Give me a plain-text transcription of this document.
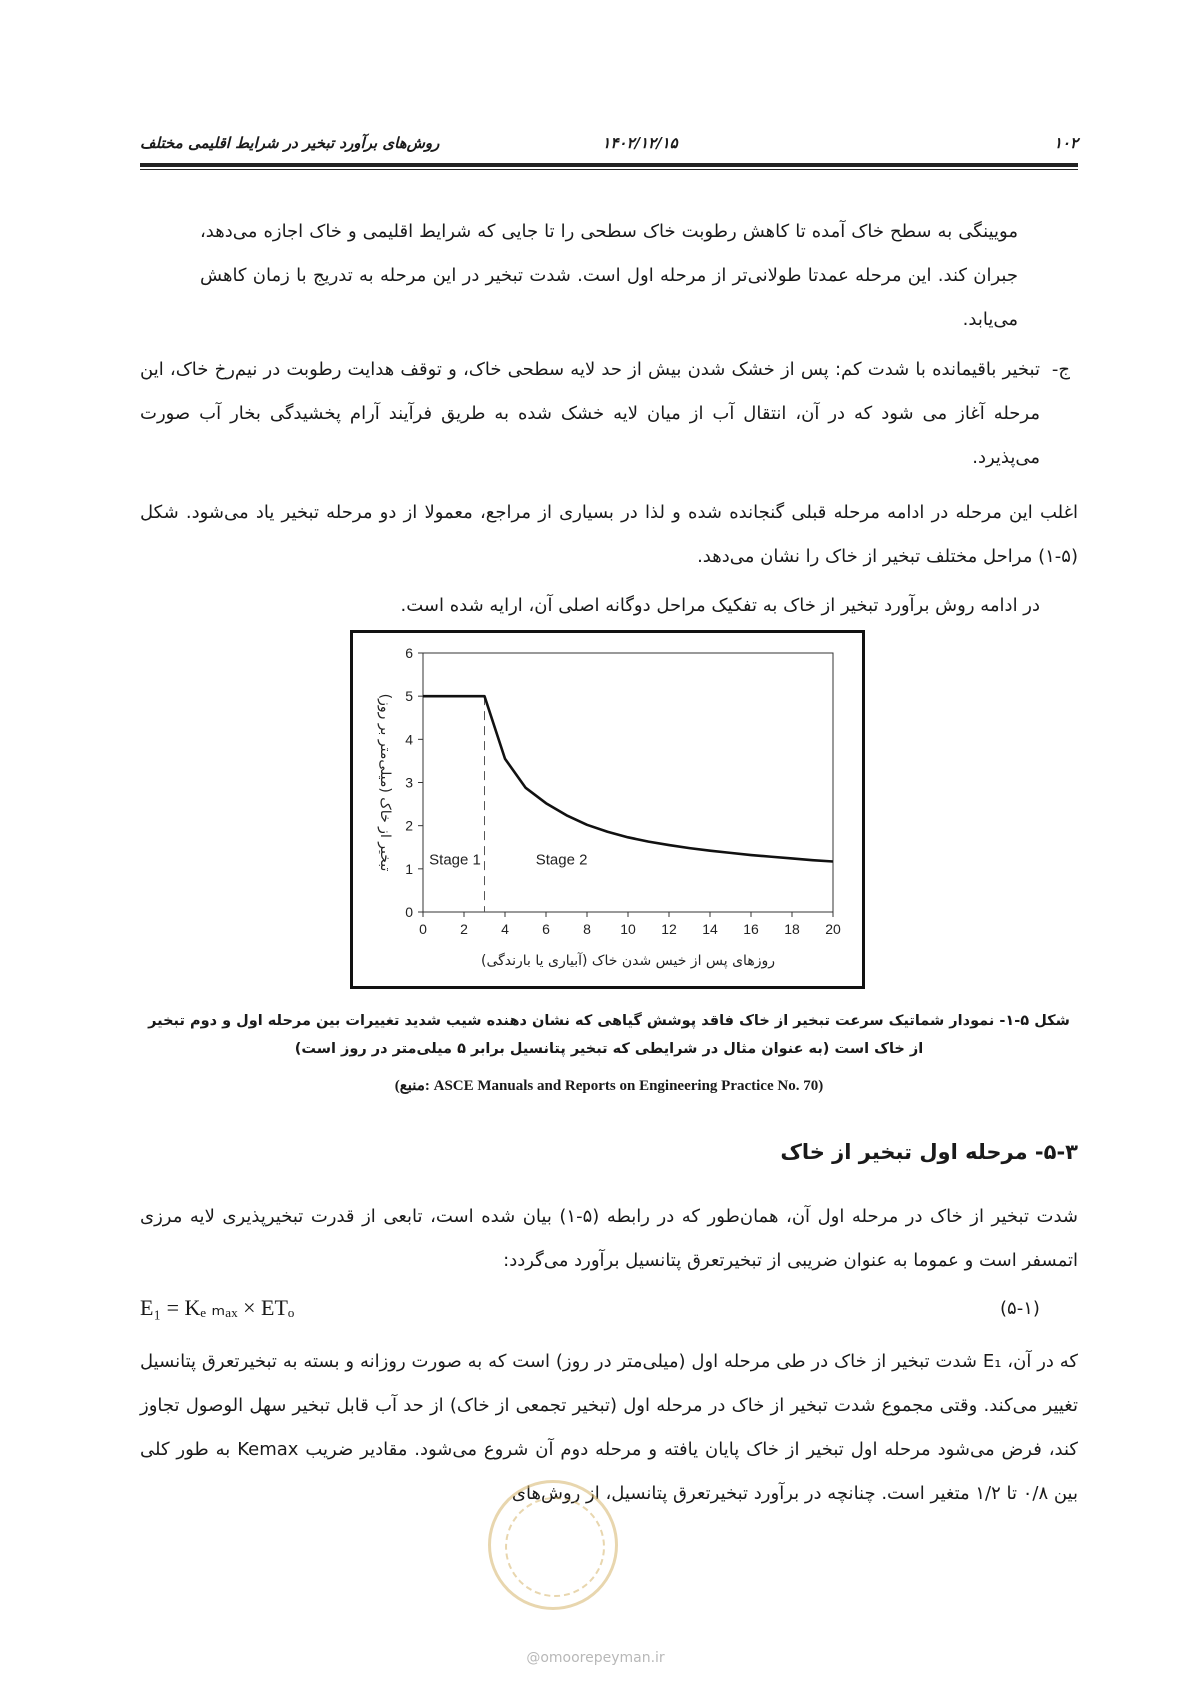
روش‌های برآورد تبخیر در شرایط اقلیمی مختلف	۱۴۰۲/۱۲/۱۵	۱۰۲
مویینگی به سطح خاک آمده تا کاهش رطوبت خاک سطحی را تا جایی که شرایط اقلیمی و خاک اجازه می‌دهد، جبران کند. این مرحله عمدتا طولانی‌تر از مرحله اول است. شدت تبخیر در این مرحله به تدریج با زمان کاهش می‌یابد.
ج-
تبخیر باقیمانده با شدت کم: پس از خشک شدن بیش از حد لایه سطحی خاک، و توقف هدایت رطوبت در نیم‌رخ خاک، این مرحله آغاز می شود که در آن، انتقال آب از میان لایه خشک شده به طریق فرآیند آرام پخشیدگی بخار آب صورت می‌پذیرد.
اغلب این مرحله در ادامه مرحله قبلی گنجانده شده و لذا در بسیاری از مراجع، معمولا از دو مرحله تبخیر یاد می‌شود. شکل (۵-۱) مراحل مختلف تبخیر از خاک را نشان می‌دهد.
در ادامه روش برآورد تبخیر از خاک به تفکیک مراحل دوگانه اصلی آن، ارایه شده است.
0 2 4 6 8 10 12 14 16 18 20
0
1
2
3
4
5
6
Stage 1	Stage 2
روزهای پس از خیس شدن خاک (آبیاری یا بارندگی)
تبخیر از خاک (میلی‌متر بر روز)
شکل ۵-۱- نمودار شماتیک سرعت تبخیر از خاک فاقد پوشش گیاهی که نشان دهنده شیب شدید تغییرات بین مرحله اول و دوم تبخیر از خاک است (به عنوان مثال در شرایطی که تبخیر پتانسیل برابر ۵ میلی‌متر در روز است)
(منبع: ASCE Manuals and Reports on Engineering Practice No. 70)
۵-۳- مرحله اول تبخیر از خاک
شدت تبخیر از خاک در مرحله اول آن، همان‌طور که در رابطه (۵-۱) بیان شده است، تابعی از قدرت تبخیرپذیری لایه مرزی اتمسفر است و عموما به عنوان ضریبی از تبخیرتعرق پتانسیل برآورد می‌گردد:
E₁ = Kₑ ₘₐₓ × ETₒ	(۵-۱)
که در آن، E₁ شدت تبخیر از خاک در طی مرحله اول (میلی‌متر در روز) است که به صورت روزانه و بسته به تبخیرتعرق پتانسیل تغییر می‌کند. وقتی مجموع شدت تبخیر از خاک در مرحله اول (تبخیر تجمعی از خاک) از حد آب قابل تبخیر سهل الوصول تجاوز کند، فرض می‌شود مرحله اول تبخیر از خاک پایان یافته و مرحله دوم آن شروع می‌شود. مقادیر ضریب Kemax به طور کلی بین ۰/۸ تا ۱/۲ متغیر است. چنانچه در برآورد تبخیرتعرق پتانسیل، از روش‌های
@omoorepeyman.ir
